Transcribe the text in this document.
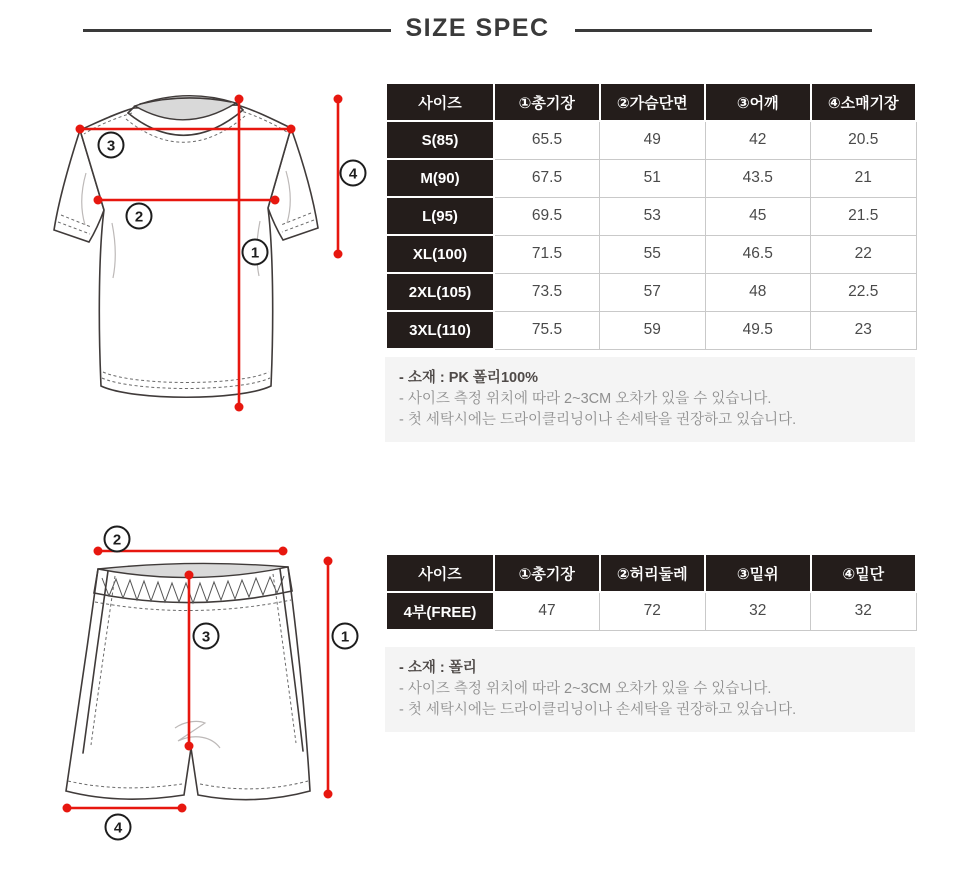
SIZE SPEC
3
2
1
4
사이즈	①총기장	②가슴단면	③어깨	④소매기장
S(85)	65.5	49	42	20.5
M(90)	67.5	51	43.5	21
L(95)	69.5	53	45	21.5
XL(100)	71.5	55	46.5	22
2XL(105)	73.5	57	48	22.5
3XL(110)	75.5	59	49.5	23
- 소재 : PK 폴리100%
- 사이즈 측정 위치에 따라 2~3CM 오차가 있을 수 있습니다.
- 첫 세탁시에는 드라이클리닝이나 손세탁을 권장하고 있습니다.
2
3	1
4
사이즈	①총기장	②허리둘레	③밑위	④밑단
4부(FREE)	47	72	32	32
- 소재 : 폴리
- 사이즈 측정 위치에 따라 2~3CM 오차가 있을 수 있습니다.
- 첫 세탁시에는 드라이클리닝이나 손세탁을 권장하고 있습니다.
